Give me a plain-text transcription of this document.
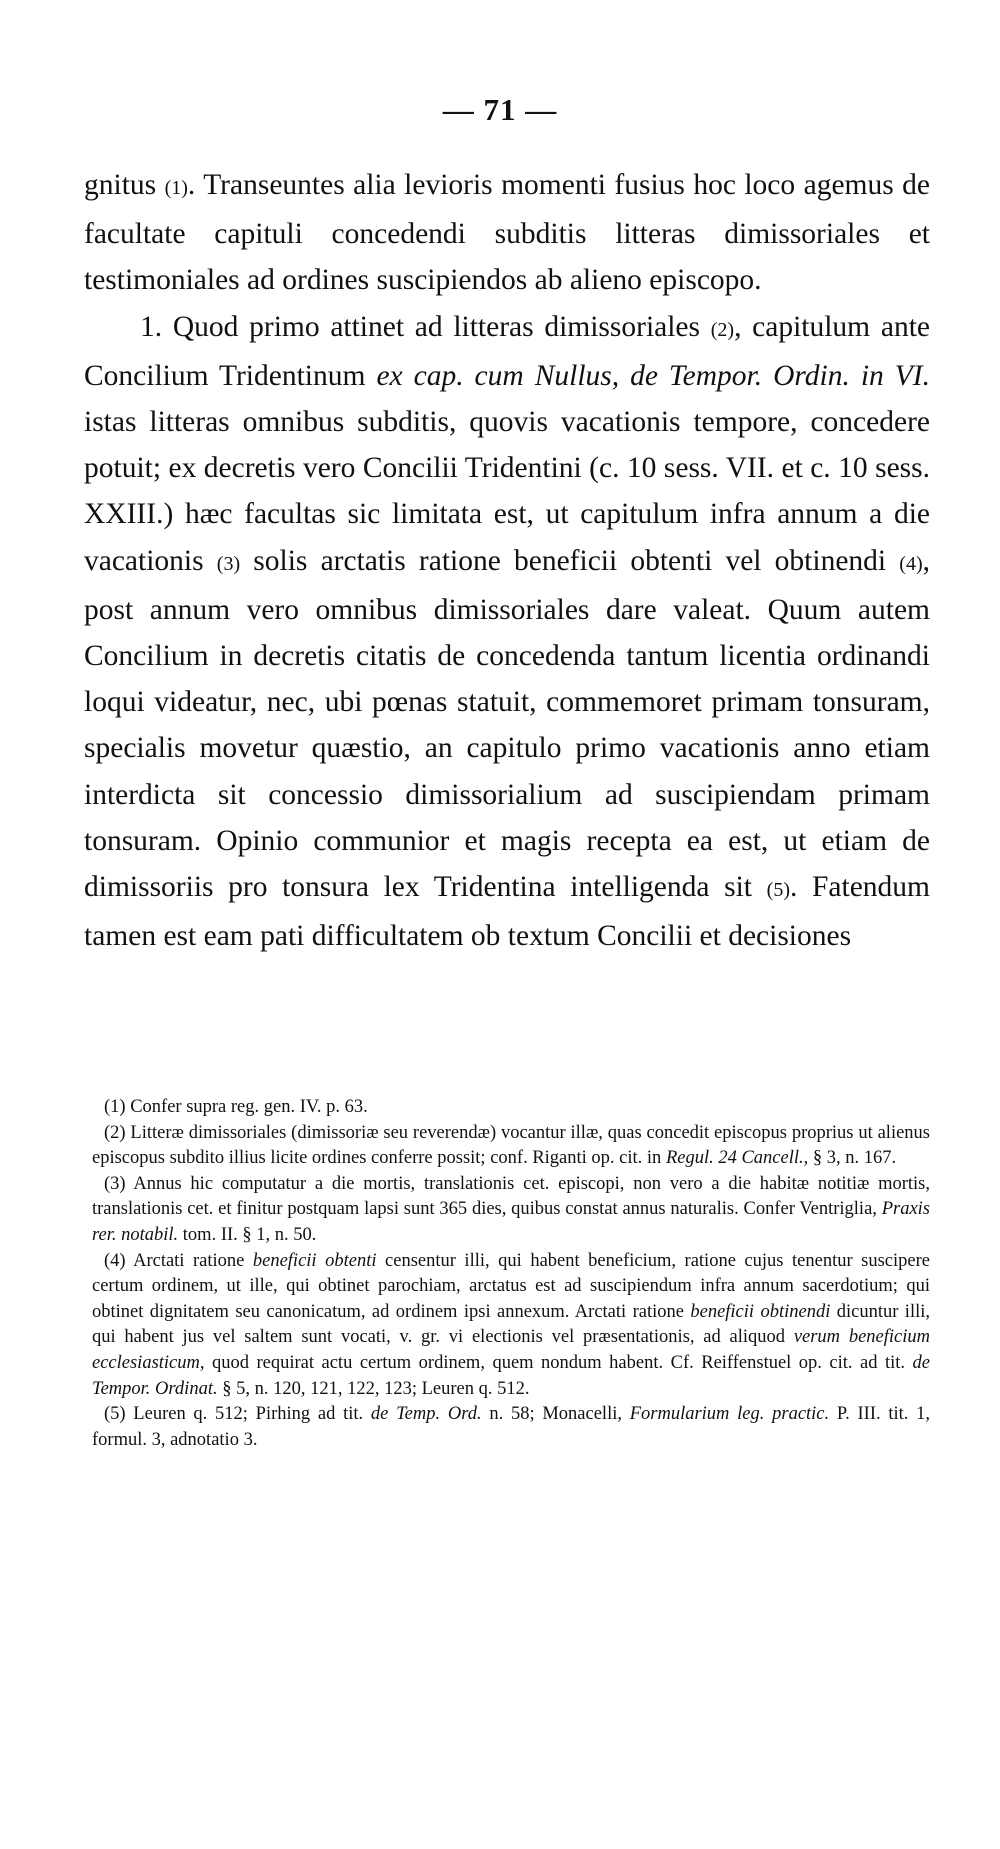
— 71 —

gnitus (1). Transeuntes alia levioris momenti fusius hoc loco agemus de facultate capituli concedendi subditis litteras dimissoriales et testimoniales ad ordines suscipiendos ab alieno episcopo.

1. Quod primo attinet ad litteras dimissoriales (2), capitulum ante Concilium Tridentinum ex cap. cum Nullus, de Tempor. Ordin. in VI. istas litteras omnibus subditis, quovis vacationis tempore, concedere potuit; ex decretis vero Concilii Tridentini (c. 10 sess. VII. et c. 10 sess. XXIII.) hæc facultas sic limitata est, ut capitulum infra annum a die vacationis (3) solis arctatis ratione beneficii obtenti vel obtinendi (4), post annum vero omnibus dimissoriales dare valeat. Quum autem Concilium in decretis citatis de concedenda tantum licentia ordinandi loqui videatur, nec, ubi pœnas statuit, commemoret primam tonsuram, specialis movetur quæstio, an capitulo primo vacationis anno etiam interdicta sit concessio dimissorialium ad suscipiendam primam tonsuram. Opinio communior et magis recepta ea est, ut etiam de dimissoriis pro tonsura lex Tridentina intelligenda sit (5). Fatendum tamen est eam pati difficultatem ob textum Concilii et decisiones

(1) Confer supra reg. gen. IV. p. 63.

(2) Litteræ dimissoriales (dimissoriæ seu reverendæ) vocantur illæ, quas concedit episcopus proprius ut alienus episcopus subdito illius licite ordines conferre possit; conf. Riganti op. cit. in Regul. 24 Cancell., § 3, n. 167.

(3) Annus hic computatur a die mortis, translationis cet. episcopi, non vero a die habitæ notitiæ mortis, translationis cet. et finitur postquam lapsi sunt 365 dies, quibus constat annus naturalis. Confer Ventriglia, Praxis rer. notabil. tom. II. § 1, n. 50.

(4) Arctati ratione beneficii obtenti censentur illi, qui habent beneficium, ratione cujus tenentur suscipere certum ordinem, ut ille, qui obtinet parochiam, arctatus est ad suscipiendum infra annum sacerdotium; qui obtinet dignitatem seu canonicatum, ad ordinem ipsi annexum. Arctati ratione beneficii obtinendi dicuntur illi, qui habent jus vel saltem sunt vocati, v. gr. vi electionis vel præsentationis, ad aliquod verum beneficium ecclesiasticum, quod requirat actu certum ordinem, quem nondum habent. Cf. Reiffenstuel op. cit. ad tit. de Tempor. Ordinat. § 5, n. 120, 121, 122, 123; Leuren q. 512.

(5) Leuren q. 512; Pirhing ad tit. de Temp. Ord. n. 58; Monacelli, Formularium leg. practic. P. III. tit. 1, formul. 3, adnotatio 3.
